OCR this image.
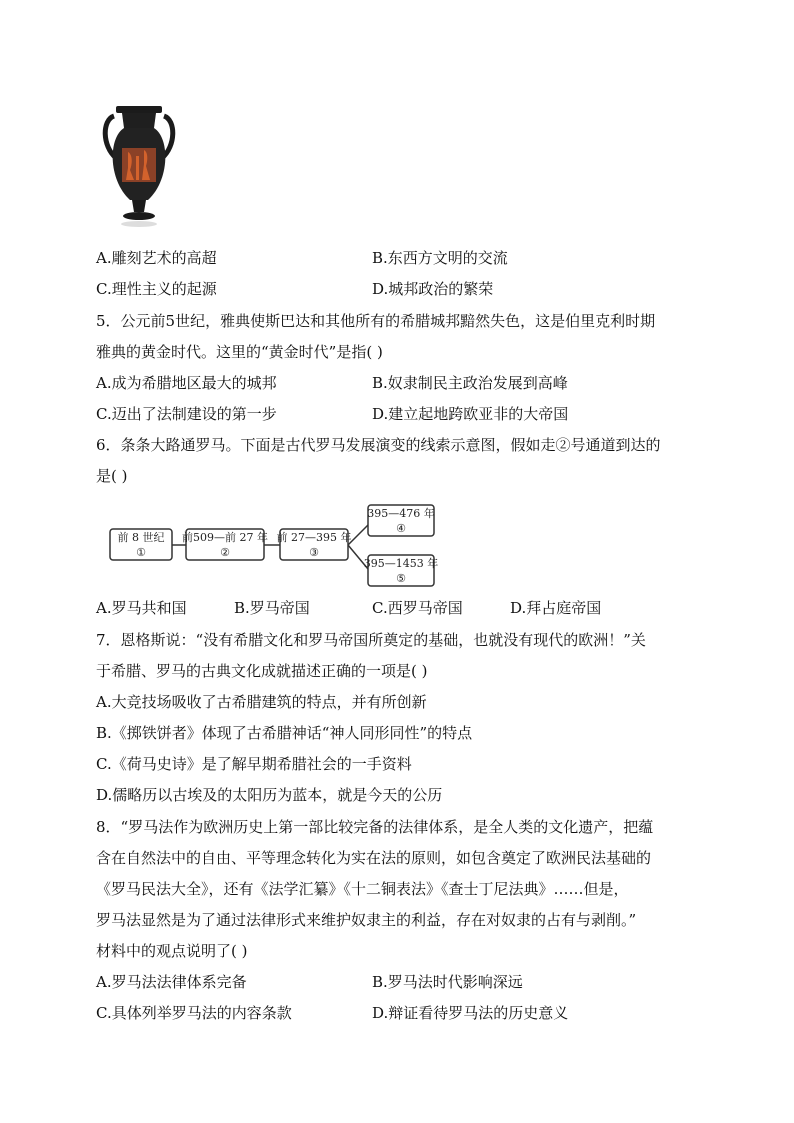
A.雕刻艺术的高超	B.东西方文明的交流
C.理性主义的起源	D.城邦政治的繁荣
5．公元前5世纪，雅典使斯巴达和其他所有的希腊城邦黯然失色，这是伯里克利时期
雅典的黄金时代。这里的“黄金时代”是指( )
A.成为希腊地区最大的城邦	B.奴隶制民主政治发展到高峰
C.迈出了法制建设的第一步	D.建立起地跨欧亚非的大帝国
6．条条大路通罗马。下面是古代罗马发展演变的线索示意图，假如走②号通道到达的
是( )
前 8 世纪
①
前509—前 27 年
②
前 27—395 年
③
395—476 年
④
395—1453 年
⑤
A.罗马共和国	B.罗马帝国	C.西罗马帝国	D.拜占庭帝国
7．恩格斯说：“没有希腊文化和罗马帝国所奠定的基础，也就没有现代的欧洲！”关
于希腊、罗马的古典文化成就描述正确的一项是( )
A.大竞技场吸收了古希腊建筑的特点，并有所创新
B.《掷铁饼者》体现了古希腊神话“神人同形同性”的特点
C.《荷马史诗》是了解早期希腊社会的一手资料
D.儒略历以古埃及的太阳历为蓝本，就是今天的公历
8．“罗马法作为欧洲历史上第一部比较完备的法律体系，是全人类的文化遗产，把蕴
含在自然法中的自由、平等理念转化为实在法的原则，如包含奠定了欧洲民法基础的
《罗马民法大全》，还有《法学汇纂》《十二铜表法》《查士丁尼法典》……但是，
罗马法显然是为了通过法律形式来维护奴隶主的利益，存在对奴隶的占有与剥削。”
材料中的观点说明了( )
A.罗马法法律体系完备	B.罗马法时代影响深远
C.具体列举罗马法的内容条款	D.辩证看待罗马法的历史意义
